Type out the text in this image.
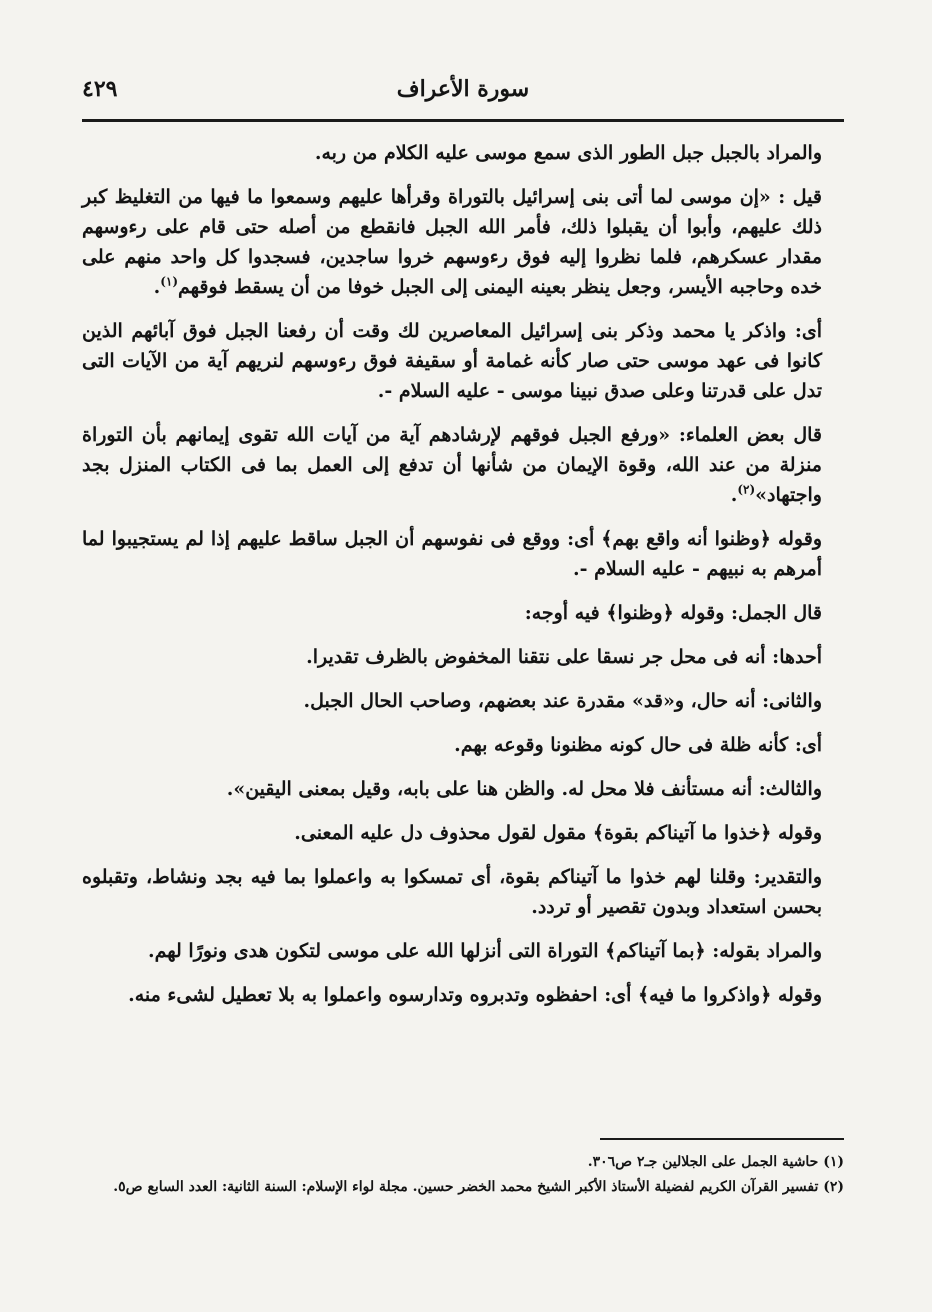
سورة الأعراف
٤٢٩

والمراد بالجبل جبل الطور الذى سمع موسى عليه الكلام من ربه.

قيل : «إن موسى لما أتى بنى إسرائيل بالتوراة وقرأها عليهم وسمعوا ما فيها من التغليظ كبر ذلك عليهم، وأبوا أن يقبلوا ذلك، فأمر الله الجبل فانقطع من أصله حتى قام على رءوسهم مقدار عسكرهم، فلما نظروا إليه فوق رءوسهم خروا ساجدين، فسجدوا كل واحد منهم على خده وحاجبه الأيسر، وجعل ينظر بعينه اليمنى إلى الجبل خوفا من أن يسقط فوقهم$^{(١)}$.

أى: واذكر يا محمد وذكر بنى إسرائيل المعاصرين لك وقت أن رفعنا الجبل فوق آبائهم الذين كانوا فى عهد موسى حتى صار كأنه غمامة أو سقيفة فوق رءوسهم لنريهم آية من الآيات التى تدل على قدرتنا وعلى صدق نبينا موسى - عليه السلام -.

قال بعض العلماء: «ورفع الجبل فوقهم لإرشادهم آية من آيات الله تقوى إيمانهم بأن التوراة منزلة من عند الله، وقوة الإيمان من شأنها أن تدفع إلى العمل بما فى الكتاب المنزل بجد واجتهاد»$^{(٢)}$.

وقوله ﴿وظنوا أنه واقع بهم﴾ أى: ووقع فى نفوسهم أن الجبل ساقط عليهم إذا لم يستجيبوا لما أمرهم به نبيهم - عليه السلام -.

قال الجمل: وقوله ﴿وظنوا﴾ فيه أوجه:

أحدها: أنه فى محل جر نسقا على نتقنا المخفوض بالظرف تقديرا.

والثانى: أنه حال، و«قد» مقدرة عند بعضهم، وصاحب الحال الجبل.

أى: كأنه ظلة فى حال كونه مظنونا وقوعه بهم.

والثالث: أنه مستأنف فلا محل له. والظن هنا على بابه، وقيل بمعنى اليقين».

وقوله ﴿خذوا ما آتيناكم بقوة﴾ مقول لقول محذوف دل عليه المعنى.

والتقدير: وقلنا لهم خذوا ما آتيناكم بقوة، أى تمسكوا به واعملوا بما فيه بجد ونشاط، وتقبلوه بحسن استعداد وبدون تقصير أو تردد.

والمراد بقوله: ﴿بما آتيناكم﴾ التوراة التى أنزلها الله على موسى لتكون هدى ونورًا لهم.

وقوله ﴿واذكروا ما فيه﴾ أى: احفظوه وتدبروه وتدارسوه واعملوا به بلا تعطيل لشىء منه.

(١) حاشية الجمل على الجلالين جـ٢ ص٣٠٦.

(٢) تفسير القرآن الكريم لفضيلة الأستاذ الأكبر الشيخ محمد الخضر حسين. مجلة لواء الإسلام: السنة الثانية: العدد السابع ص٥.
